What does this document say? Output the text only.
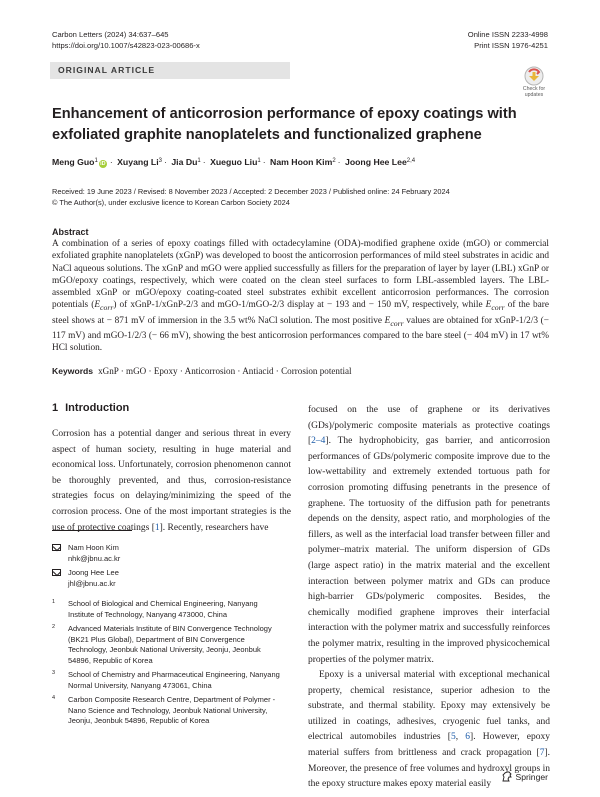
Carbon Letters (2024) 34:637–645
https://doi.org/10.1007/s42823-023-00686-x
Online ISSN 2233-4998
Print ISSN 1976-4251
ORIGINAL ARTICLE
Check for
updates
Enhancement of anticorrosion performance of epoxy coatings with exfoliated graphite nanoplatelets and functionalized graphene
Meng Guo$^1$ iD · Xuyang $Li^3$ · Jia $Du^1$ · Xueguo Liu$^1$ · Nam Hoon Kim$^2$ · Joong Hee Lee$^{2,4}$
Received: 19 June 2023 / Revised: 8 November 2023 / Accepted: 2 December 2023 / Published online: 24 February 2024
© The Author(s), under exclusive licence to Korean Carbon Society 2024
Abstract
A combination of a series of epoxy coatings filled with octadecylamine (ODA)-modified graphene oxide (mGO) or commercial exfoliated graphite nanoplatelets (xGnP) was developed to boost the anticorrosion performances of mild steel substrates in acidic and NaCl aqueous solutions. The xGnP and mGO were applied successfully as fillers for the preparation of layer by layer (LBL) xGnP or mGO/epoxy coatings, respectively, which were coated on the clean steel surfaces to form LBL-assembled layers. The LBL-assembled xGnP or mGO/epoxy coating-coated steel substrates exhibit excellent anticorrosion performances. The corrosion potentials $(E_{corr})$ of xGnP-1/xGnP-2/3 and mGO-1/mGO-2/3 display at − 193 and − 150 mV, respectively, while $E_{corr}$ of the bare steel shows at − 871 mV of immersion in the 3.5 wt% NaCl solution. The most positive $E_{corr}$ values are obtained for xGnP-1/2/3 (− 117 mV) and mGO-1/2/3 (− 66 mV), showing the best anticorrosion performances compared to the bare steel (− 404 mV) in 17 wt% HCl solution.
Keywords xGnP · mGO · Epoxy · Anticorrosion · Antiacid · Corrosion potential
1 Introduction
Corrosion has a potential danger and serious threat in every aspect of human society, resulting in huge material and economical loss. Unfortunately, corrosion phenomenon cannot be thoroughly prevented, and thus, corrosion-resistance strategies focus on delaying/minimizing the speed of the corrosion process. One of the most important strategies is the use of protective coatings [1]. Recently, researchers have

focused on the use of graphene or its derivatives (GDs)/polymeric composite materials as protective coatings [2–4]. The hydrophobicity, gas barrier, and anticorrosion performances of GDs/polymeric composite improve due to the low-wettability and extremely extended tortuous path for corrosion promoting diffusing penetrants in the presence of graphene. The tortuosity of the diffusion path for penetrants depends on the density, aspect ratio, and morphologies of the fillers, as well as the interfacial load transfer between filler and polymer–matrix material. The uniform dispersion of GDs (large aspect ratio) in the matrix material and the excellent interaction between polymer matrix and GDs can produce high-barrier GDs/polymeric composites. Besides, the chemically modified graphene improves their interfacial interaction with the polymer matrix and successfully reinforces the polymer matrix, resulting in the improved physicochemical properties of the polymer matrix.

Epoxy is a universal material with exceptional mechanical property, chemical resistance, superior adhesion to the substrate, and thermal stability. Epoxy may extensively be utilized in coatings, adhesives, cryogenic fuel tanks, and electrical automobiles industries [5, 6]. However, epoxy material suffers from brittleness and crack propagation [7]. Moreover, the presence of free volumes and hydroxyl groups in the epoxy structure makes epoxy material easily

Nam Hoon Kim
nhk@jbnu.ac.kr
Joong Hee Lee
jhl@jbnu.ac.kr
1 School of Biological and Chemical Engineering, Nanyang Institute of Technology, Nanyang 473000, China
2 Advanced Materials Institute of BIN Convergence Technology (BK21 Plus Global), Department of BIN Convergence Technology, Jeonbuk National University, Jeonju, Jeonbuk 54896, Republic of Korea
3 School of Chemistry and Pharmaceutical Engineering, Nanyang Normal University, Nanyang 473061, China
4 Carbon Composite Research Centre, Department of Polymer - Nano Science and Technology, Jeonbuk National University, Jeonju, Jeonbuk 54896, Republic of Korea
Springer
